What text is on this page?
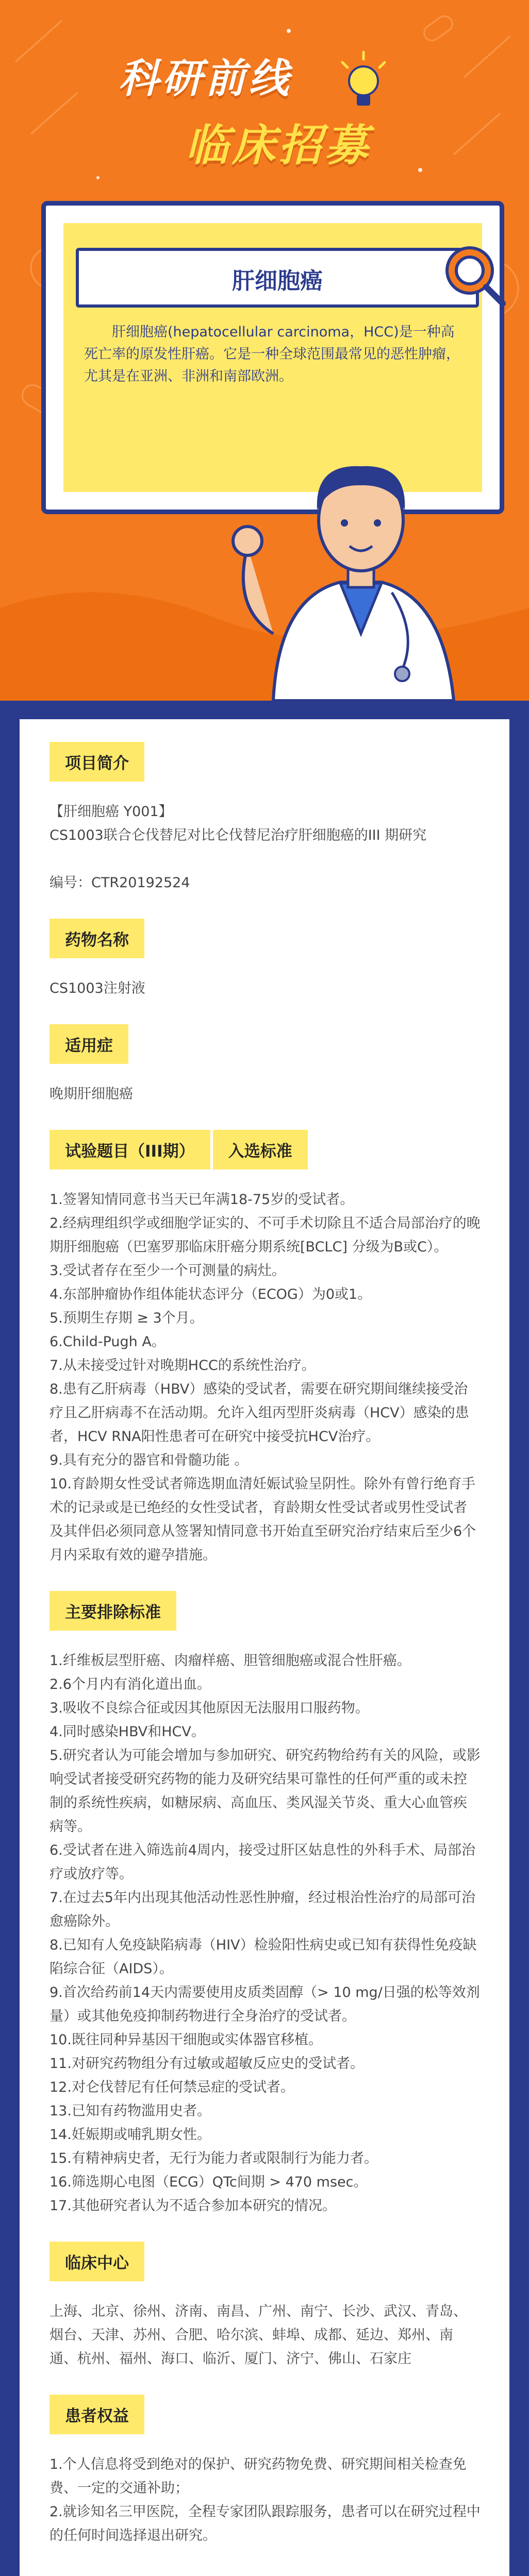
科研前线
临床招募
肝细胞癌
肝细胞癌(hepatocellular carcinoma，HCC)是一种高死亡率的原发性肝癌。它是一种全球范围最常见的恶性肿瘤，尤其是在亚洲、非洲和南部欧洲。
项目简介

【肝细胞癌 Y001】

CS1003联合仑伐替尼对比仑伐替尼治疗肝细胞癌的III 期研究

编号：CTR20192524

药物名称

CS1003注射液

适用症

晚期肝细胞癌

试验题目（III期） 入选标准

1.签署知情同意书当天已年满18-75岁的受试者。

2.经病理组织学或细胞学证实的、不可手术切除且不适合局部治疗的晚期肝细胞癌（巴塞罗那临床肝癌分期系统[BCLC] 分级为B或C）。

3.受试者存在至少一个可测量的病灶。

4.东部肿瘤协作组体能状态评分（ECOG）为0或1。

5.预期生存期 ≥ 3个月。

6.Child-Pugh A。

7.从未接受过针对晚期HCC的系统性治疗。

8.患有乙肝病毒（HBV）感染的受试者，需要在研究期间继续接受治疗且乙肝病毒不在活动期。允许入组丙型肝炎病毒（HCV）感染的患者，HCV RNA阳性患者可在研究中接受抗HCV治疗。

9.具有充分的器官和骨髓功能 。

10.育龄期女性受试者筛选期血清妊娠试验呈阴性。除外有曾行绝育手术的记录或是已绝经的女性受试者，育龄期女性受试者或男性受试者及其伴侣必须同意从签署知情同意书开始直至研究治疗结束后至少6个月内采取有效的避孕措施。

主要排除标准

1.纤维板层型肝癌、肉瘤样癌、胆管细胞癌或混合性肝癌。

2.6个月内有消化道出血。

3.吸收不良综合征或因其他原因无法服用口服药物。

4.同时感染HBV和HCV。

5.研究者认为可能会增加与参加研究、研究药物给药有关的风险，或影响受试者接受研究药物的能力及研究结果可靠性的任何严重的或未控制的系统性疾病，如糖尿病、高血压、类风湿关节炎、重大心血管疾病等。

6.受试者在进入筛选前4周内，接受过肝区姑息性的外科手术、局部治疗或放疗等。

7.在过去5年内出现其他活动性恶性肿瘤，经过根治性治疗的局部可治愈癌除外。

8.已知有人免疫缺陷病毒（HIV）检验阳性病史或已知有获得性免疫缺陷综合征（AIDS）。

9.首次给药前14天内需要使用皮质类固醇（> 10 mg/日强的松等效剂量）或其他免疫抑制药物进行全身治疗的受试者。

10.既往同种异基因干细胞或实体器官移植。

11.对研究药物组分有过敏或超敏反应史的受试者。

12.对仑伐替尼有任何禁忌症的受试者。

13.已知有药物滥用史者。

14.妊娠期或哺乳期女性。

15.有精神病史者，无行为能力者或限制行为能力者。

16.筛选期心电图（ECG）QTc间期 > 470 msec。

17.其他研究者认为不适合参加本研究的情况。

临床中心

上海、北京、徐州、济南、南昌、广州、南宁、长沙、武汉、青岛、烟台、天津、苏州、合肥、哈尔滨、蚌埠、成都、延边、郑州、南通、杭州、福州、海口、临沂、厦门、济宁、佛山、石家庄

患者权益

1.个人信息将受到绝对的保护、研究药物免费、研究期间相关检查免费、一定的交通补助；

2.就诊知名三甲医院，全程专家团队跟踪服务，患者可以在研究过程中的任何时间选择退出研究。
